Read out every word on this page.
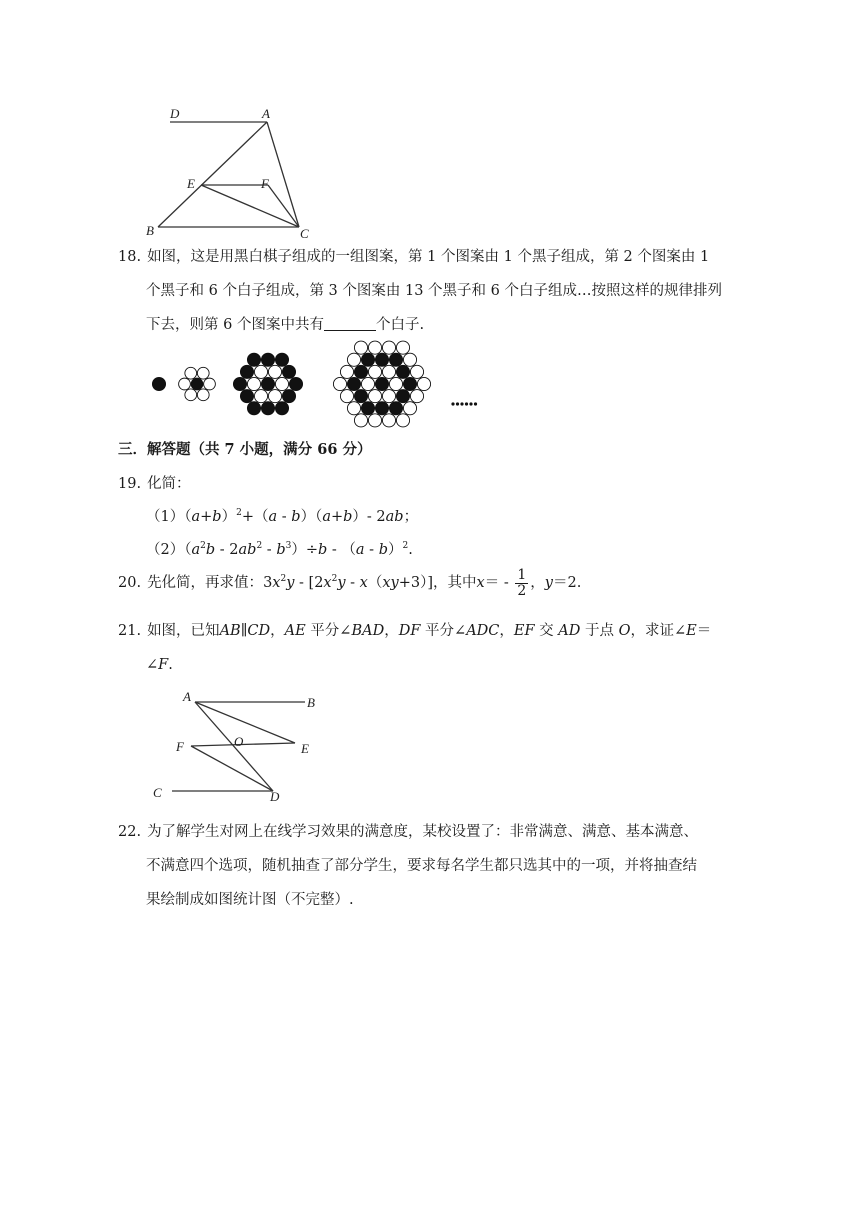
D	A
E	F
B	C
18. 如图，这是用黑白棋子组成的一组图案，第 1 个图案由 1 个黑子组成，第 2 个图案由 1
个黑子和 6 个白子组成，第 3 个图案由 13 个黑子和 6 个白子组成…按照这样的规律排列
下去，则第 6 个图案中共有	个白子.
三．解答题（共 7 小题，满分 66 分）
19. 化简：
$(1)(a+b)^2+(a$ ‐ b）（a+b）‐ 2ab；
$(2)(a^2b$ ‐ $2ab^2$ ‐ $b^3)\div b$ ‐ （a ‐ b）$^2$.
20. 先化简，再求值：$3x^2y$ ‐ [$2x^2y$ ‐ x（xy+3）]，其中x＝ ‐ $\frac{1}{2}$ ，y＝2.
21. 如图，已知AB∥CD，AE 平分∠BAD，DF 平分∠ADC，EF 交 AD 于点 O，求证∠E＝
∠F.
A	B
F	O	E
C	D
22. 为了解学生对网上在线学习效果的满意度，某校设置了：非常满意、满意、基本满意、
不满意四个选项，随机抽查了部分学生，要求每名学生都只选其中的一项，并将抽查结
果绘制成如图统计图（不完整）.
